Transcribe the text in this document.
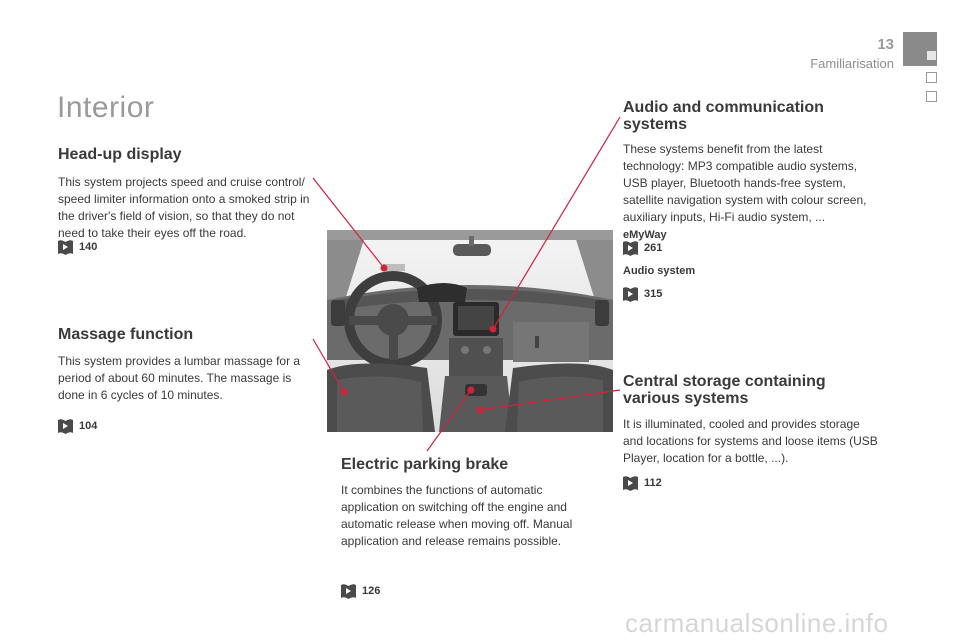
13
Familiarisation
Interior
Head-up display

This system projects speed and cruise control/ speed limiter information onto a smoked strip in the driver's field of vision, so that they do not need to take their eyes off the road.

140
Massage function

This system provides a lumbar massage for a period of about 60 minutes. The massage is done in 6 cycles of 10 minutes.

104
Electric parking brake

It combines the functions of automatic application on switching off the engine and automatic release when moving off. Manual application and release remains possible.

126
Audio and communication systems

These systems benefit from the latest technology: MP3 compatible audio systems, USB player, Bluetooth hands-free system, satellite navigation system with colour screen, auxiliary inputs, Hi-Fi audio system, ...

eMyWay
261
Audio system
315
Central storage containing various systems

It is illuminated, cooled and provides storage and locations for systems and loose items (USB Player, location for a bottle, ...).

112
carmanualsonline.info
